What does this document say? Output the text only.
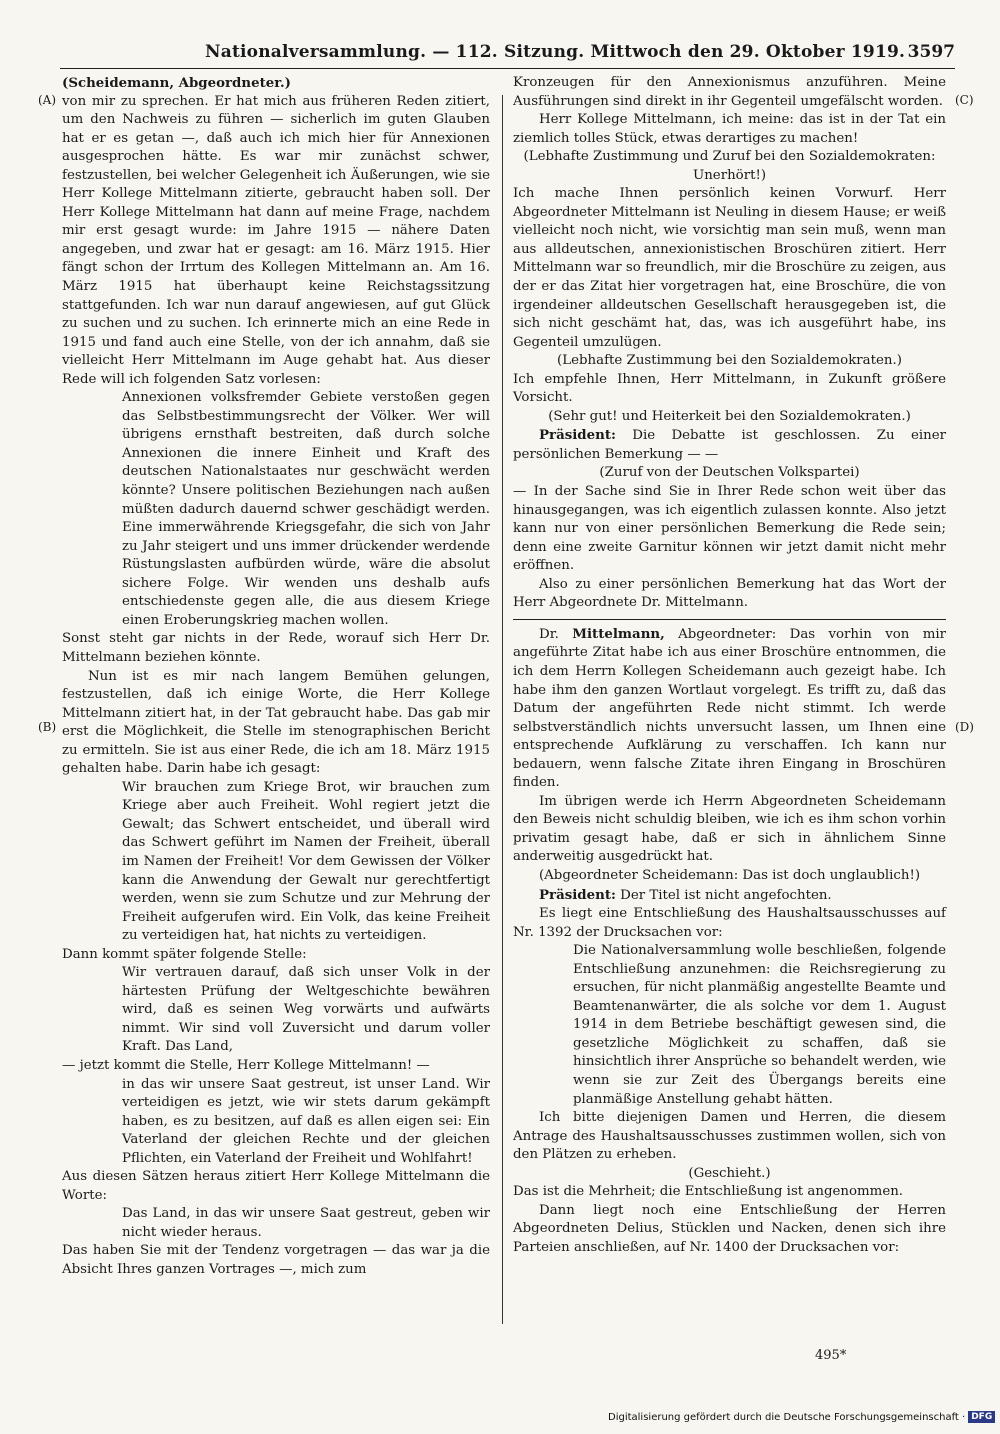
Nationalversammlung. — 112. Sitzung. Mittwoch den 29. Oktober 1919. 3597
(A)
(B)
(C)
(D)

(Scheidemann, Abgeordneter.)

von mir zu sprechen. Er hat mich aus früheren Reden zitiert, um den Nachweis zu führen — sicherlich im guten Glauben hat er es getan —, daß auch ich mich hier für Annexionen ausgesprochen hätte. Es war mir zunächst schwer, festzustellen, bei welcher Gelegenheit ich Äußerungen, wie sie Herr Kollege Mittelmann zitierte, gebraucht haben soll. Der Herr Kollege Mittelmann hat dann auf meine Frage, nachdem mir erst gesagt wurde: im Jahre 1915 — nähere Daten angegeben, und zwar hat er gesagt: am 16. März 1915. Hier fängt schon der Irrtum des Kollegen Mittelmann an. Am 16. März 1915 hat überhaupt keine Reichstagssitzung stattgefunden. Ich war nun darauf angewiesen, auf gut Glück zu suchen und zu suchen. Ich erinnerte mich an eine Rede in 1915 und fand auch eine Stelle, von der ich annahm, daß sie vielleicht Herr Mittelmann im Auge gehabt hat. Aus dieser Rede will ich folgenden Satz vorlesen:

Annexionen volksfremder Gebiete verstoßen gegen das Selbstbestimmungsrecht der Völker. Wer will übrigens ernsthaft bestreiten, daß durch solche Annexionen die innere Einheit und Kraft des deutschen Nationalstaates nur geschwächt werden könnte? Unsere politischen Beziehungen nach außen müßten dadurch dauernd schwer geschädigt werden. Eine immerwährende Kriegsgefahr, die sich von Jahr zu Jahr steigert und uns immer drückender werdende Rüstungslasten aufbürden würde, wäre die absolut sichere Folge. Wir wenden uns deshalb aufs entschiedenste gegen alle, die aus diesem Kriege einen Eroberungskrieg machen wollen.

Sonst steht gar nichts in der Rede, worauf sich Herr Dr. Mittelmann beziehen könnte.

Nun ist es mir nach langem Bemühen gelungen, festzustellen, daß ich einige Worte, die Herr Kollege Mittelmann zitiert hat, in der Tat gebraucht habe. Das gab mir erst die Möglichkeit, die Stelle im stenographischen Bericht zu ermitteln. Sie ist aus einer Rede, die ich am 18. März 1915 gehalten habe. Darin habe ich gesagt:

Wir brauchen zum Kriege Brot, wir brauchen zum Kriege aber auch Freiheit. Wohl regiert jetzt die Gewalt; das Schwert entscheidet, und überall wird das Schwert geführt im Namen der Freiheit, überall im Namen der Freiheit! Vor dem Gewissen der Völker kann die Anwendung der Gewalt nur gerechtfertigt werden, wenn sie zum Schutze und zur Mehrung der Freiheit aufgerufen wird. Ein Volk, das keine Freiheit zu verteidigen hat, hat nichts zu verteidigen.

Dann kommt später folgende Stelle:

Wir vertrauen darauf, daß sich unser Volk in der härtesten Prüfung der Weltgeschichte bewähren wird, daß es seinen Weg vorwärts und aufwärts nimmt. Wir sind voll Zuversicht und darum voller Kraft. Das Land,

— jetzt kommt die Stelle, Herr Kollege Mittelmann! —

in das wir unsere Saat gestreut, ist unser Land. Wir verteidigen es jetzt, wie wir stets darum gekämpft haben, es zu besitzen, auf daß es allen eigen sei: Ein Vaterland der gleichen Rechte und der gleichen Pflichten, ein Vaterland der Freiheit und Wohlfahrt!

Aus diesen Sätzen heraus zitiert Herr Kollege Mittelmann die Worte:

Das Land, in das wir unsere Saat gestreut, geben wir nicht wieder heraus.

Das haben Sie mit der Tendenz vorgetragen — das war ja die Absicht Ihres ganzen Vortrages —, mich zum

Kronzeugen für den Annexionismus anzuführen. Meine Ausführungen sind direkt in ihr Gegenteil umgefälscht worden.

Herr Kollege Mittelmann, ich meine: das ist in der Tat ein ziemlich tolles Stück, etwas derartiges zu machen!

(Lebhafte Zustimmung und Zuruf bei den Sozialdemokraten: Unerhört!)

Ich mache Ihnen persönlich keinen Vorwurf. Herr Abgeordneter Mittelmann ist Neuling in diesem Hause; er weiß vielleicht noch nicht, wie vorsichtig man sein muß, wenn man aus alldeutschen, annexionistischen Broschüren zitiert. Herr Mittelmann war so freundlich, mir die Broschüre zu zeigen, aus der er das Zitat hier vorgetragen hat, eine Broschüre, die von irgendeiner alldeutschen Gesellschaft herausgegeben ist, die sich nicht geschämt hat, das, was ich ausgeführt habe, ins Gegenteil umzulügen.

(Lebhafte Zustimmung bei den Sozialdemokraten.)

Ich empfehle Ihnen, Herr Mittelmann, in Zukunft größere Vorsicht.

(Sehr gut! und Heiterkeit bei den Sozialdemokraten.)

Präsident: Die Debatte ist geschlossen. Zu einer persönlichen Bemerkung — —

(Zuruf von der Deutschen Volkspartei)

— In der Sache sind Sie in Ihrer Rede schon weit über das hinausgegangen, was ich eigentlich zulassen konnte. Also jetzt kann nur von einer persönlichen Bemerkung die Rede sein; denn eine zweite Garnitur können wir jetzt damit nicht mehr eröffnen.

Also zu einer persönlichen Bemerkung hat das Wort der Herr Abgeordnete Dr. Mittelmann.

Dr. Mittelmann, Abgeordneter: Das vorhin von mir angeführte Zitat habe ich aus einer Broschüre entnommen, die ich dem Herrn Kollegen Scheidemann auch gezeigt habe. Ich habe ihm den ganzen Wortlaut vorgelegt. Es trifft zu, daß das Datum der angeführten Rede nicht stimmt. Ich werde selbstverständlich nichts unversucht lassen, um Ihnen eine entsprechende Aufklärung zu verschaffen. Ich kann nur bedauern, wenn falsche Zitate ihren Eingang in Broschüren finden.

Im übrigen werde ich Herrn Abgeordneten Scheidemann den Beweis nicht schuldig bleiben, wie ich es ihm schon vorhin privatim gesagt habe, daß er sich in ähnlichem Sinne anderweitig ausgedrückt hat.

(Abgeordneter Scheidemann: Das ist doch unglaublich!)

Präsident: Der Titel ist nicht angefochten.

Es liegt eine Entschließung des Haushaltsausschusses auf Nr. 1392 der Drucksachen vor:

Die Nationalversammlung wolle beschließen, folgende Entschließung anzunehmen: die Reichsregierung zu ersuchen, für nicht planmäßig angestellte Beamte und Beamtenanwärter, die als solche vor dem 1. August 1914 in dem Betriebe beschäftigt gewesen sind, die gesetzliche Möglichkeit zu schaffen, daß sie hinsichtlich ihrer Ansprüche so behandelt werden, wie wenn sie zur Zeit des Übergangs bereits eine planmäßige Anstellung gehabt hätten.

Ich bitte diejenigen Damen und Herren, die diesem Antrage des Haushaltsausschusses zustimmen wollen, sich von den Plätzen zu erheben.

(Geschieht.)

Das ist die Mehrheit; die Entschließung ist angenommen.

Dann liegt noch eine Entschließung der Herren Abgeordneten Delius, Stücklen und Nacken, denen sich ihre Parteien anschließen, auf Nr. 1400 der Drucksachen vor:

495*
Digitalisierung gefördert durch die Deutsche Forschungsgemeinschaft · DFG
